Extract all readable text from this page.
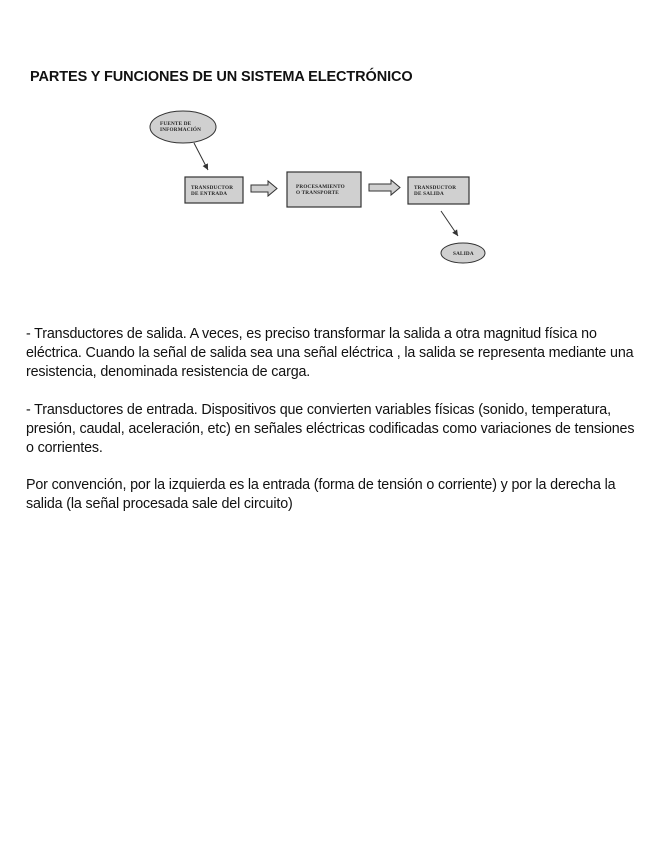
PARTES Y FUNCIONES DE UN SISTEMA ELECTRÓNICO
FUENTE DE
INFORMACIÓN
TRANSDUCTOR
DE ENTRADA
PROCESAMIENTO
O TRANSPORTE
TRANSDUCTOR
DE SALIDA
SALIDA

- Transductores de salida. A veces, es preciso transformar la salida a otra magnitud física no eléctrica. Cuando la señal de salida sea una señal eléctrica , la salida se representa mediante una resistencia, denominada resistencia de carga.

- Transductores de entrada. Dispositivos que convierten variables físicas (sonido, temperatura, presión, caudal, aceleración, etc) en señales eléctricas codificadas como variaciones de tensiones o corrientes.

Por convención, por la izquierda es la entrada (forma de tensión o corriente) y por la derecha la salida (la señal procesada sale del circuito)
